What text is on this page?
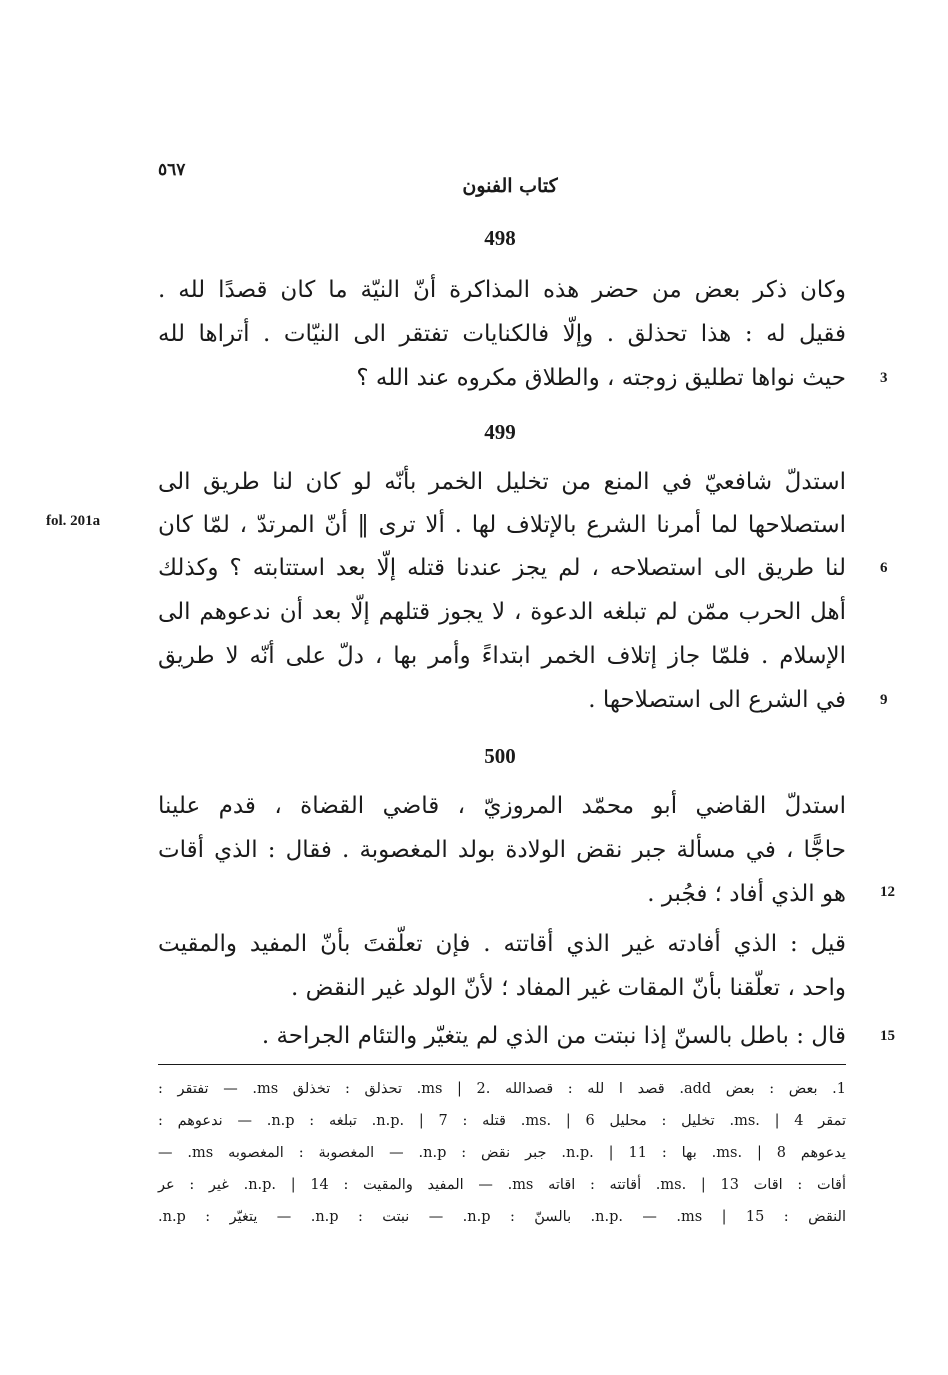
٥٦٧
كتاب الفنون
498
وكان ذكر بعض من حضر هذه المذاكرة أنّ النيّة ما كان قصدًا لله .
فقيل له : هذا تحذلق . وإلّا فالكنايات تفتقر الى النيّات . أتراها لله
حيث نواها تطليق زوجته ، والطلاق مكروه عند الله ؟ 3
499
استدلّ شافعيّ في المنع من تخليل الخمر بأنّه لو كان لنا طريق الى
استصلاحها لما أمرنا الشرع بالإتلاف لها . ألا ترى ‖ أنّ المرتدّ ، لمّا كان
fol. 201a
لنا طريق الى استصلاحه ، لم يجز عندنا قتله إلّا بعد استتابته ؟ وكذلك 6
أهل الحرب ممّن لم تبلغه الدعوة ، لا يجوز قتلهم إلّا بعد أن ندعوهم الى
الإسلام . فلمّا جاز إتلاف الخمر ابتداءً وأمر بها ، دلّ على أنّه لا طريق
في الشرع الى استصلاحها . 9
500
استدلّ القاضي أبو محمّد المروزيّ ، قاضي القضاة ، قدم علينا
حاجًّا ، في مسألة جبر نقض الولادة بولد المغصوبة . فقال : الذي أقات
هو الذي أفاد ؛ فجُبر . 12
قيل : الذي أفادته غير الذي أقاتته . فإن تعلّقتَ بأنّ المفيد والمقيت
واحد ، تعلّقنا بأنّ المقات غير المفاد ؛ لأنّ الولد غير النقض .
قال : باطل بالسنّ إذا نبتت من الذي لم يتغيّر والتئام الجراحة . 15
1. بعض : بعض add. قصد ا لله : قصدالله .ms | 2. تحذلق : تخذلق ms. — تفتقر :
تمقر ms. | 4. تخليل : محليل ms. | 6. قتله : n.p. | 7. تبلغه : n.p. — ندعوهم :
يدعوهم ms. | 8. بها : n.p. | 11. جبر نقض : n.p. — المغصوبة : المغصوبه ms. —
أقات : اقات ms. | 13. أقاتته : اقاته ms. — المفيد والمقيت : n.p. | 14. غير : عر
النقض : n.p. — .ms | 15. بالسنّ : n.p. — نبتت : n.p. — يتغيّر : n.p.
